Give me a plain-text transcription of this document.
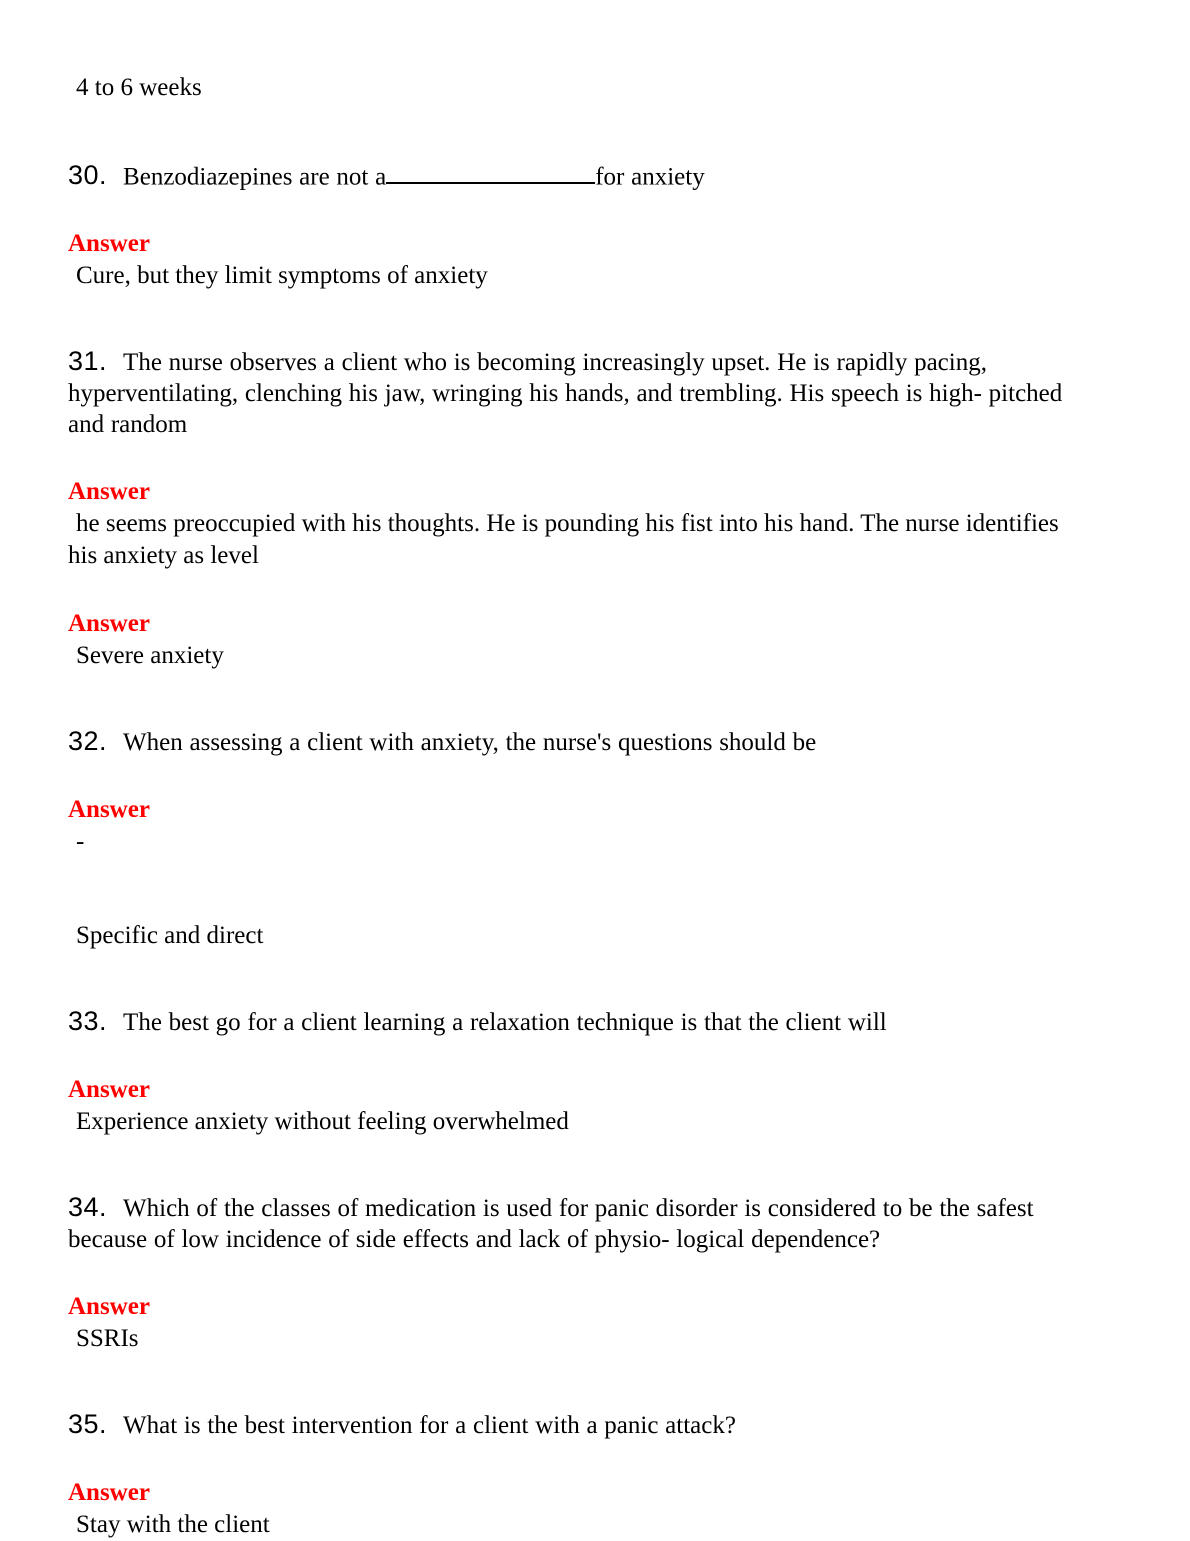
4 to 6 weeks

30. Benzodiazepines are not a	for anxiety

Answer

Cure, but they limit symptoms of anxiety

31. The nurse observes a client who is becoming increasingly upset. He is rapidly pacing, hyperventilating, clenching his jaw, wringing his hands, and trembling. His speech is high- pitched and random

Answer

he seems preoccupied with his thoughts. He is pounding his fist into his hand. The nurse identifies his anxiety as level

Answer

Severe anxiety

32. When assessing a client with anxiety, the nurse's questions should be

Answer

-

Specific and direct

33. The best go for a client learning a relaxation technique is that the client will

Answer

Experience anxiety without feeling overwhelmed

34. Which of the classes of medication is used for panic disorder is considered to be the safest because of low incidence of side effects and lack of physio- logical dependence?

Answer

SSRIs

35. What is the best intervention for a client with a panic attack?

Answer

Stay with the client
